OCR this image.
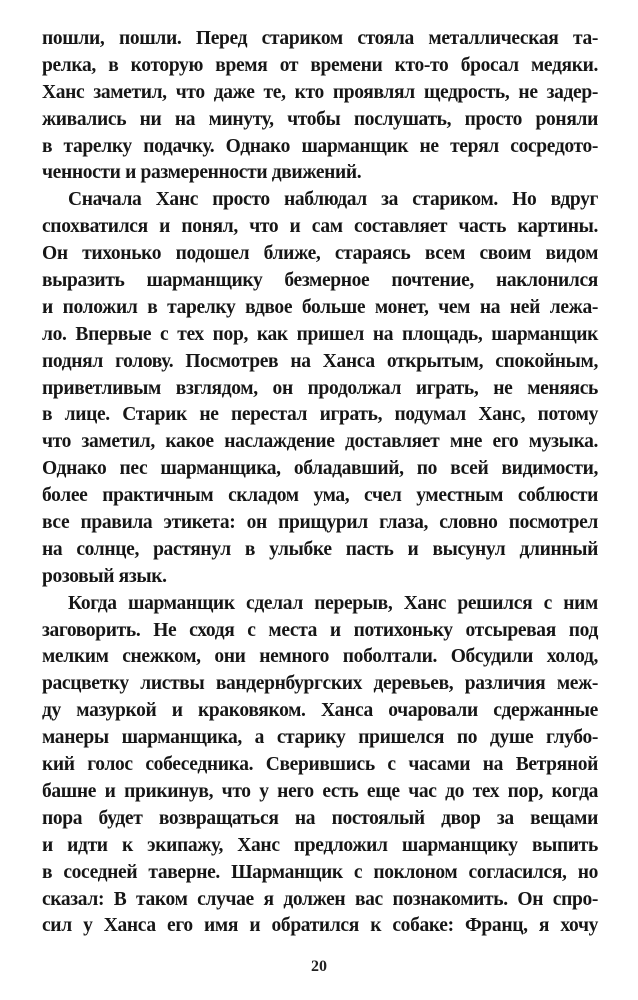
пошли, пошли. Перед стариком стояла металлическая та-
релка, в которую время от времени кто-то бросал медяки.
Ханс заметил, что даже те, кто проявлял щедрость, не задер-
живались ни на минуту, чтобы послушать, просто роняли
в тарелку подачку. Однако шарманщик не терял сосредото-
ченности и размеренности движений.
Сначала Ханс просто наблюдал за стариком. Но вдруг
спохватился и понял, что и сам составляет часть картины.
Он тихонько подошел ближе, стараясь всем своим видом
выразить шарманщику безмерное почтение, наклонился
и положил в тарелку вдвое больше монет, чем на ней лежа-
ло. Впервые с тех пор, как пришел на площадь, шарманщик
поднял голову. Посмотрев на Ханса открытым, спокойным,
приветливым взглядом, он продолжал играть, не меняясь
в лице. Старик не перестал играть, подумал Ханс, потому
что заметил, какое наслаждение доставляет мне его музыка.
Однако пес шарманщика, обладавший, по всей видимости,
более практичным складом ума, счел уместным соблюсти
все правила этикета: он прищурил глаза, словно посмотрел
на солнце, растянул в улыбке пасть и высунул длинный
розовый язык.
Когда шарманщик сделал перерыв, Ханс решился с ним
заговорить. Не сходя с места и потихоньку отсыревая под
мелким снежком, они немного поболтали. Обсудили холод,
расцветку листвы вандернбургских деревьев, различия меж-
ду мазуркой и краковяком. Ханса очаровали сдержанные
манеры шарманщика, а старику пришелся по душе глубо-
кий голос собеседника. Сверившись с часами на Ветряной
башне и прикинув, что у него есть еще час до тех пор, когда
пора будет возвращаться на постоялый двор за вещами
и идти к экипажу, Ханс предложил шарманщику выпить
в соседней таверне. Шарманщик с поклоном согласился, но
сказал: В таком случае я должен вас познакомить. Он спро-
сил у Ханса его имя и обратился к собаке: Франц, я хочу
20
